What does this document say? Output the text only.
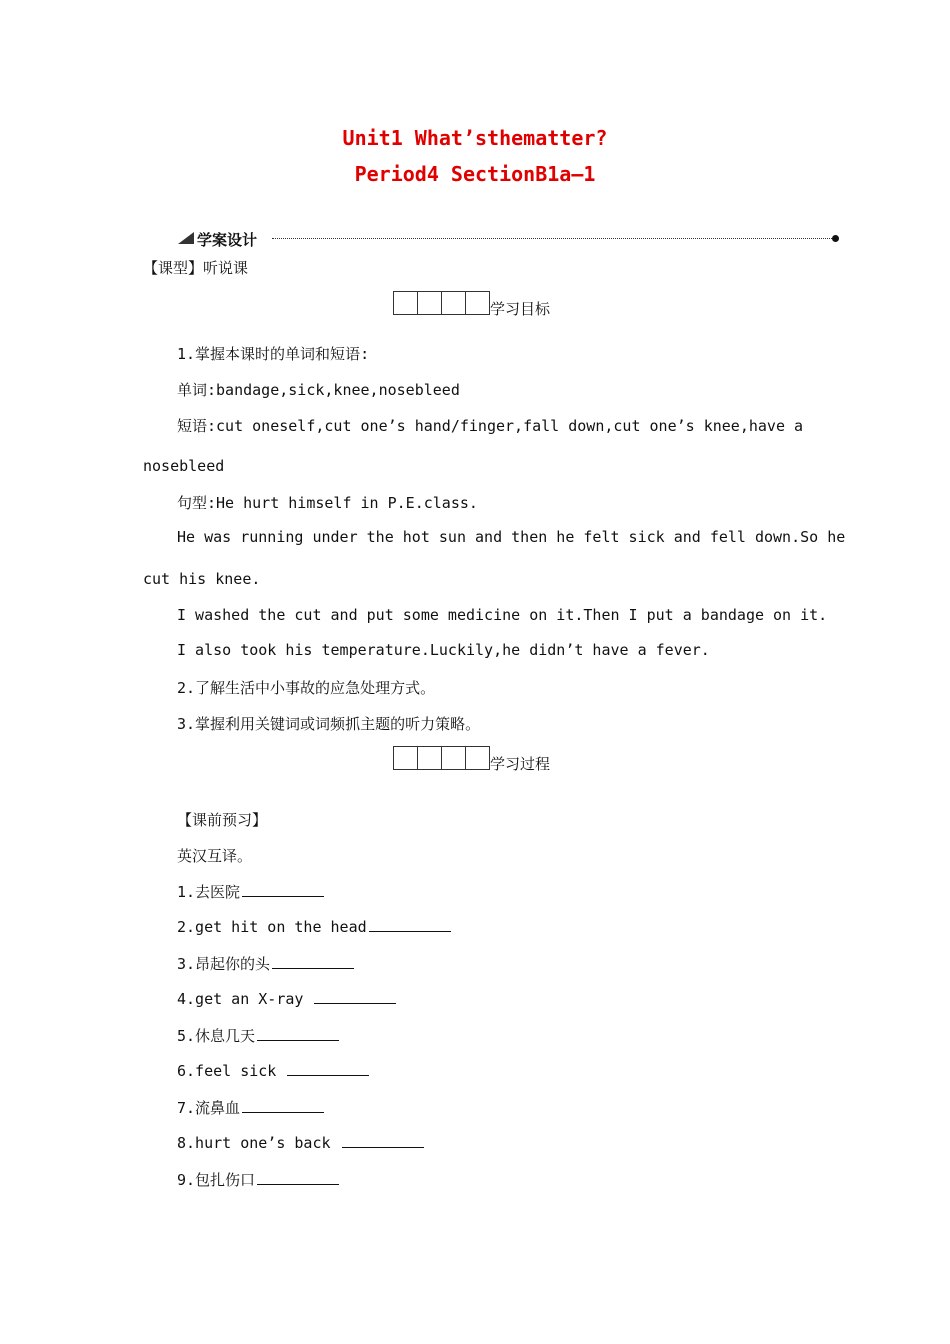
Unit1 What’sthematter?
Period4 SectionB1a—1
学案设计
【课型】听说课
学习目标
1.掌握本课时的单词和短语:
单词:bandage,sick,knee,nosebleed
短语:cut oneself,cut one’s hand/finger,fall down,cut one’s knee,have a
nosebleed
句型:He hurt himself in P.E.class.
He was running under the hot sun and then he felt sick and fell down.So he
cut his knee.
I washed the cut and put some medicine on it.Then I put a bandage on it.
I also took his temperature.Luckily,he didn’t have a fever.
2.了解生活中小事故的应急处理方式。
3.掌握利用关键词或词频抓主题的听力策略。
学习过程
【课前预习】
英汉互译。
1.去医院
2.get hit on the head
3.昂起你的头
4.get an X-ray
5.休息几天
6.feel sick
7.流鼻血
8.hurt one’s back
9.包扎伤口
